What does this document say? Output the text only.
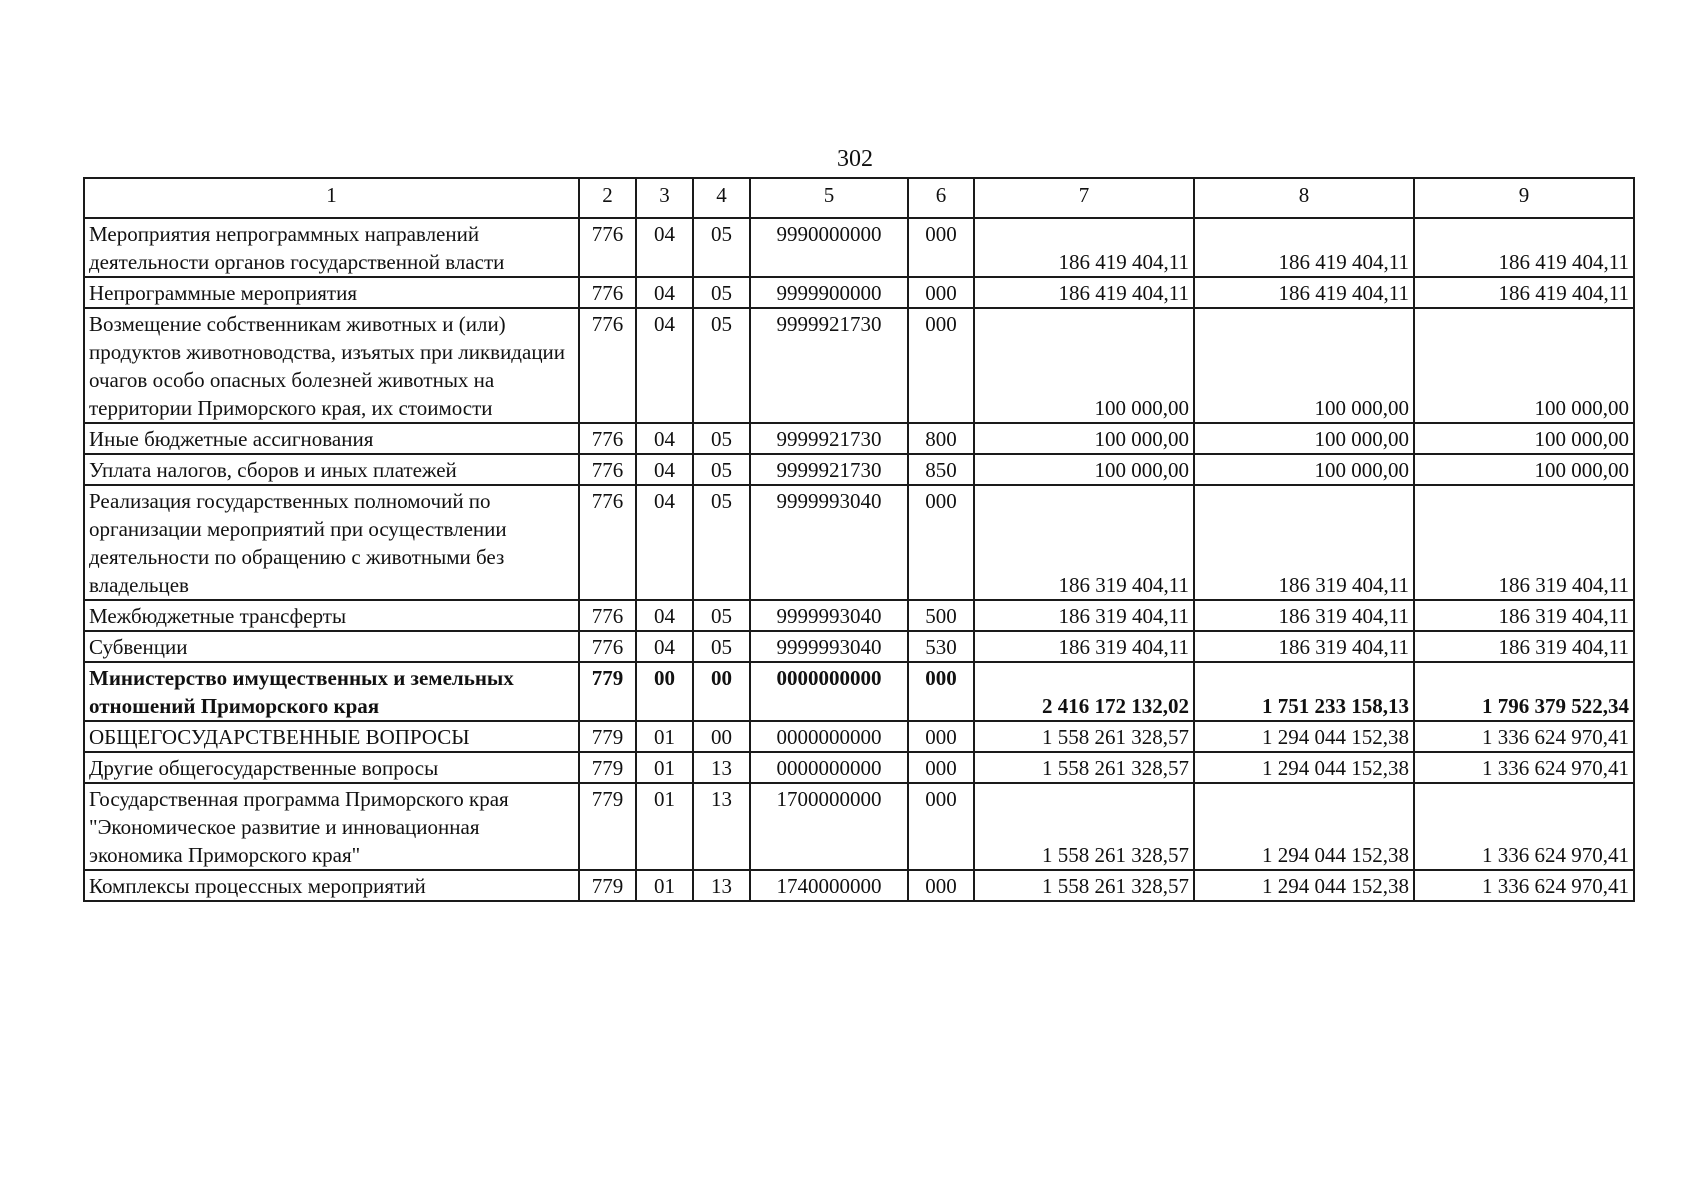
302
1	2	3	4	5	6	7	8	9
Мероприятия непрограммных направлений деятельности органов государственной власти	776	04	05	9990000000	000	186 419 404,11	186 419 404,11	186 419 404,11
Непрограммные мероприятия	776	04	05	9999900000	000	186 419 404,11	186 419 404,11	186 419 404,11
Возмещение собственникам животных и (или) продуктов животноводства, изъятых при ликвидации очагов особо опасных болезней животных на территории Приморского края, их стоимости	776	04	05	9999921730	000	100 000,00	100 000,00	100 000,00
Иные бюджетные ассигнования	776	04	05	9999921730	800	100 000,00	100 000,00	100 000,00
Уплата налогов, сборов и иных платежей	776	04	05	9999921730	850	100 000,00	100 000,00	100 000,00
Реализация государственных полномочий по организации мероприятий при осуществлении деятельности по обращению с животными без владельцев	776	04	05	9999993040	000	186 319 404,11	186 319 404,11	186 319 404,11
Межбюджетные трансферты	776	04	05	9999993040	500	186 319 404,11	186 319 404,11	186 319 404,11
Субвенции	776	04	05	9999993040	530	186 319 404,11	186 319 404,11	186 319 404,11
Министерство имущественных и земельных отношений Приморского края	779	00	00	0000000000	000	2 416 172 132,02	1 751 233 158,13	1 796 379 522,34
ОБЩЕГОСУДАРСТВЕННЫЕ ВОПРОСЫ	779	01	00	0000000000	000	1 558 261 328,57	1 294 044 152,38	1 336 624 970,41
Другие общегосударственные вопросы	779	01	13	0000000000	000	1 558 261 328,57	1 294 044 152,38	1 336 624 970,41
Государственная программа Приморского края "Экономическое развитие и инновационная экономика Приморского края"	779	01	13	1700000000	000	1 558 261 328,57	1 294 044 152,38	1 336 624 970,41
Комплексы процессных мероприятий	779	01	13	1740000000	000	1 558 261 328,57	1 294 044 152,38	1 336 624 970,41
